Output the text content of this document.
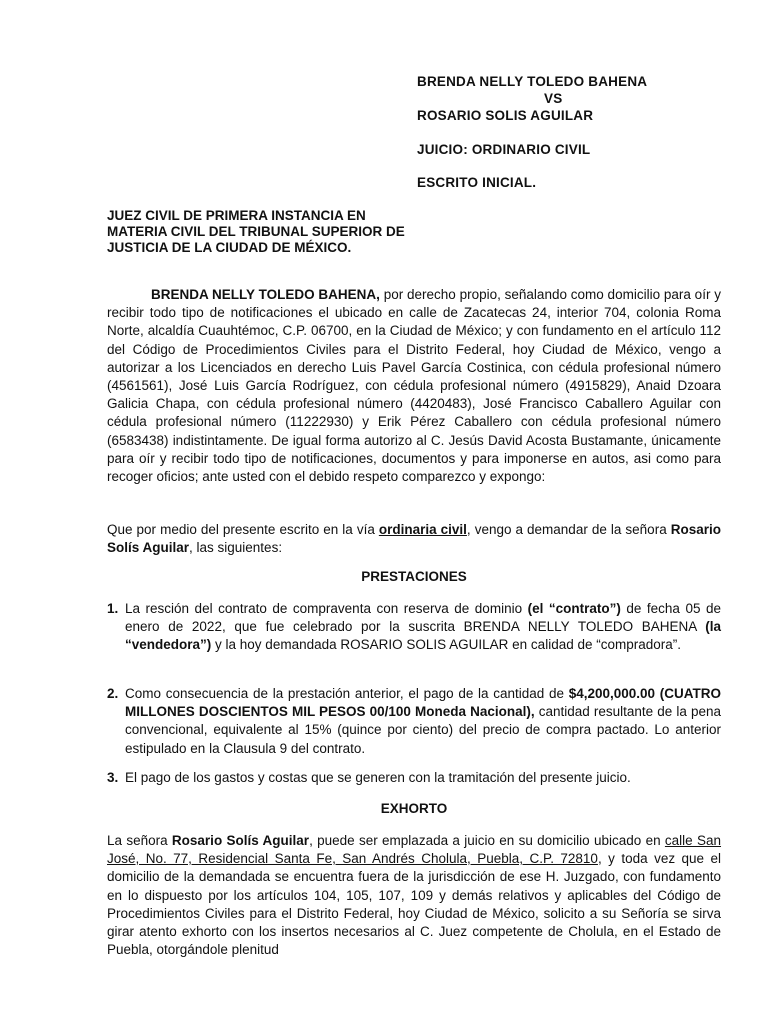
BRENDA NELLY TOLEDO BAHENA
VS
ROSARIO SOLIS AGUILAR
JUICIO: ORDINARIO CIVIL
ESCRITO INICIAL.
JUEZ CIVIL DE PRIMERA INSTANCIA EN MATERIA CIVIL DEL TRIBUNAL SUPERIOR DE JUSTICIA DE LA CIUDAD DE MÉXICO.
BRENDA NELLY TOLEDO BAHENA, por derecho propio, señalando como domicilio para oír y recibir todo tipo de notificaciones el ubicado en calle de Zacatecas 24, interior 704, colonia Roma Norte, alcaldía Cuauhtémoc, C.P. 06700, en la Ciudad de México; y con fundamento en el artículo 112 del Código de Procedimientos Civiles para el Distrito Federal, hoy Ciudad de México, vengo a autorizar a los Licenciados en derecho Luis Pavel García Costinica, con cédula profesional número (4561561), José Luis García Rodríguez, con cédula profesional número (4915829), Anaid Dzoara Galicia Chapa, con cédula profesional número (4420483), José Francisco Caballero Aguilar con cédula profesional número (11222930) y Erik Pérez Caballero con cédula profesional número (6583438) indistintamente. De igual forma autorizo al C. Jesús David Acosta Bustamante, únicamente para oír y recibir todo tipo de notificaciones, documentos y para imponerse en autos, asi como para recoger oficios; ante usted con el debido respeto comparezco y expongo:
Que por medio del presente escrito en la vía ordinaria civil, vengo a demandar de la señora Rosario Solís Aguilar, las siguientes:
PRESTACIONES
1. La resción del contrato de compraventa con reserva de dominio (el “contrato”) de fecha 05 de enero de 2022, que fue celebrado por la suscrita BRENDA NELLY TOLEDO BAHENA (la “vendedora”) y la hoy demandada ROSARIO SOLIS AGUILAR en calidad de “compradora”.
2. Como consecuencia de la prestación anterior, el pago de la cantidad de $4,200,000.00 (CUATRO MILLONES DOSCIENTOS MIL PESOS 00/100 Moneda Nacional), cantidad resultante de la pena convencional, equivalente al 15% (quince por ciento) del precio de compra pactado. Lo anterior estipulado en la Clausula 9 del contrato.
3. El pago de los gastos y costas que se generen con la tramitación del presente juicio.
EXHORTO
La señora Rosario Solís Aguilar, puede ser emplazada a juicio en su domicilio ubicado en calle San José, No. 77, Residencial Santa Fe, San Andrés Cholula, Puebla, C.P. 72810, y toda vez que el domicilio de la demandada se encuentra fuera de la jurisdicción de ese H. Juzgado, con fundamento en lo dispuesto por los artículos 104, 105, 107, 109 y demás relativos y aplicables del Código de Procedimientos Civiles para el Distrito Federal, hoy Ciudad de México, solicito a su Señoría se sirva girar atento exhorto con los insertos necesarios al C. Juez competente de Cholula, en el Estado de Puebla, otorgándole plenitud
